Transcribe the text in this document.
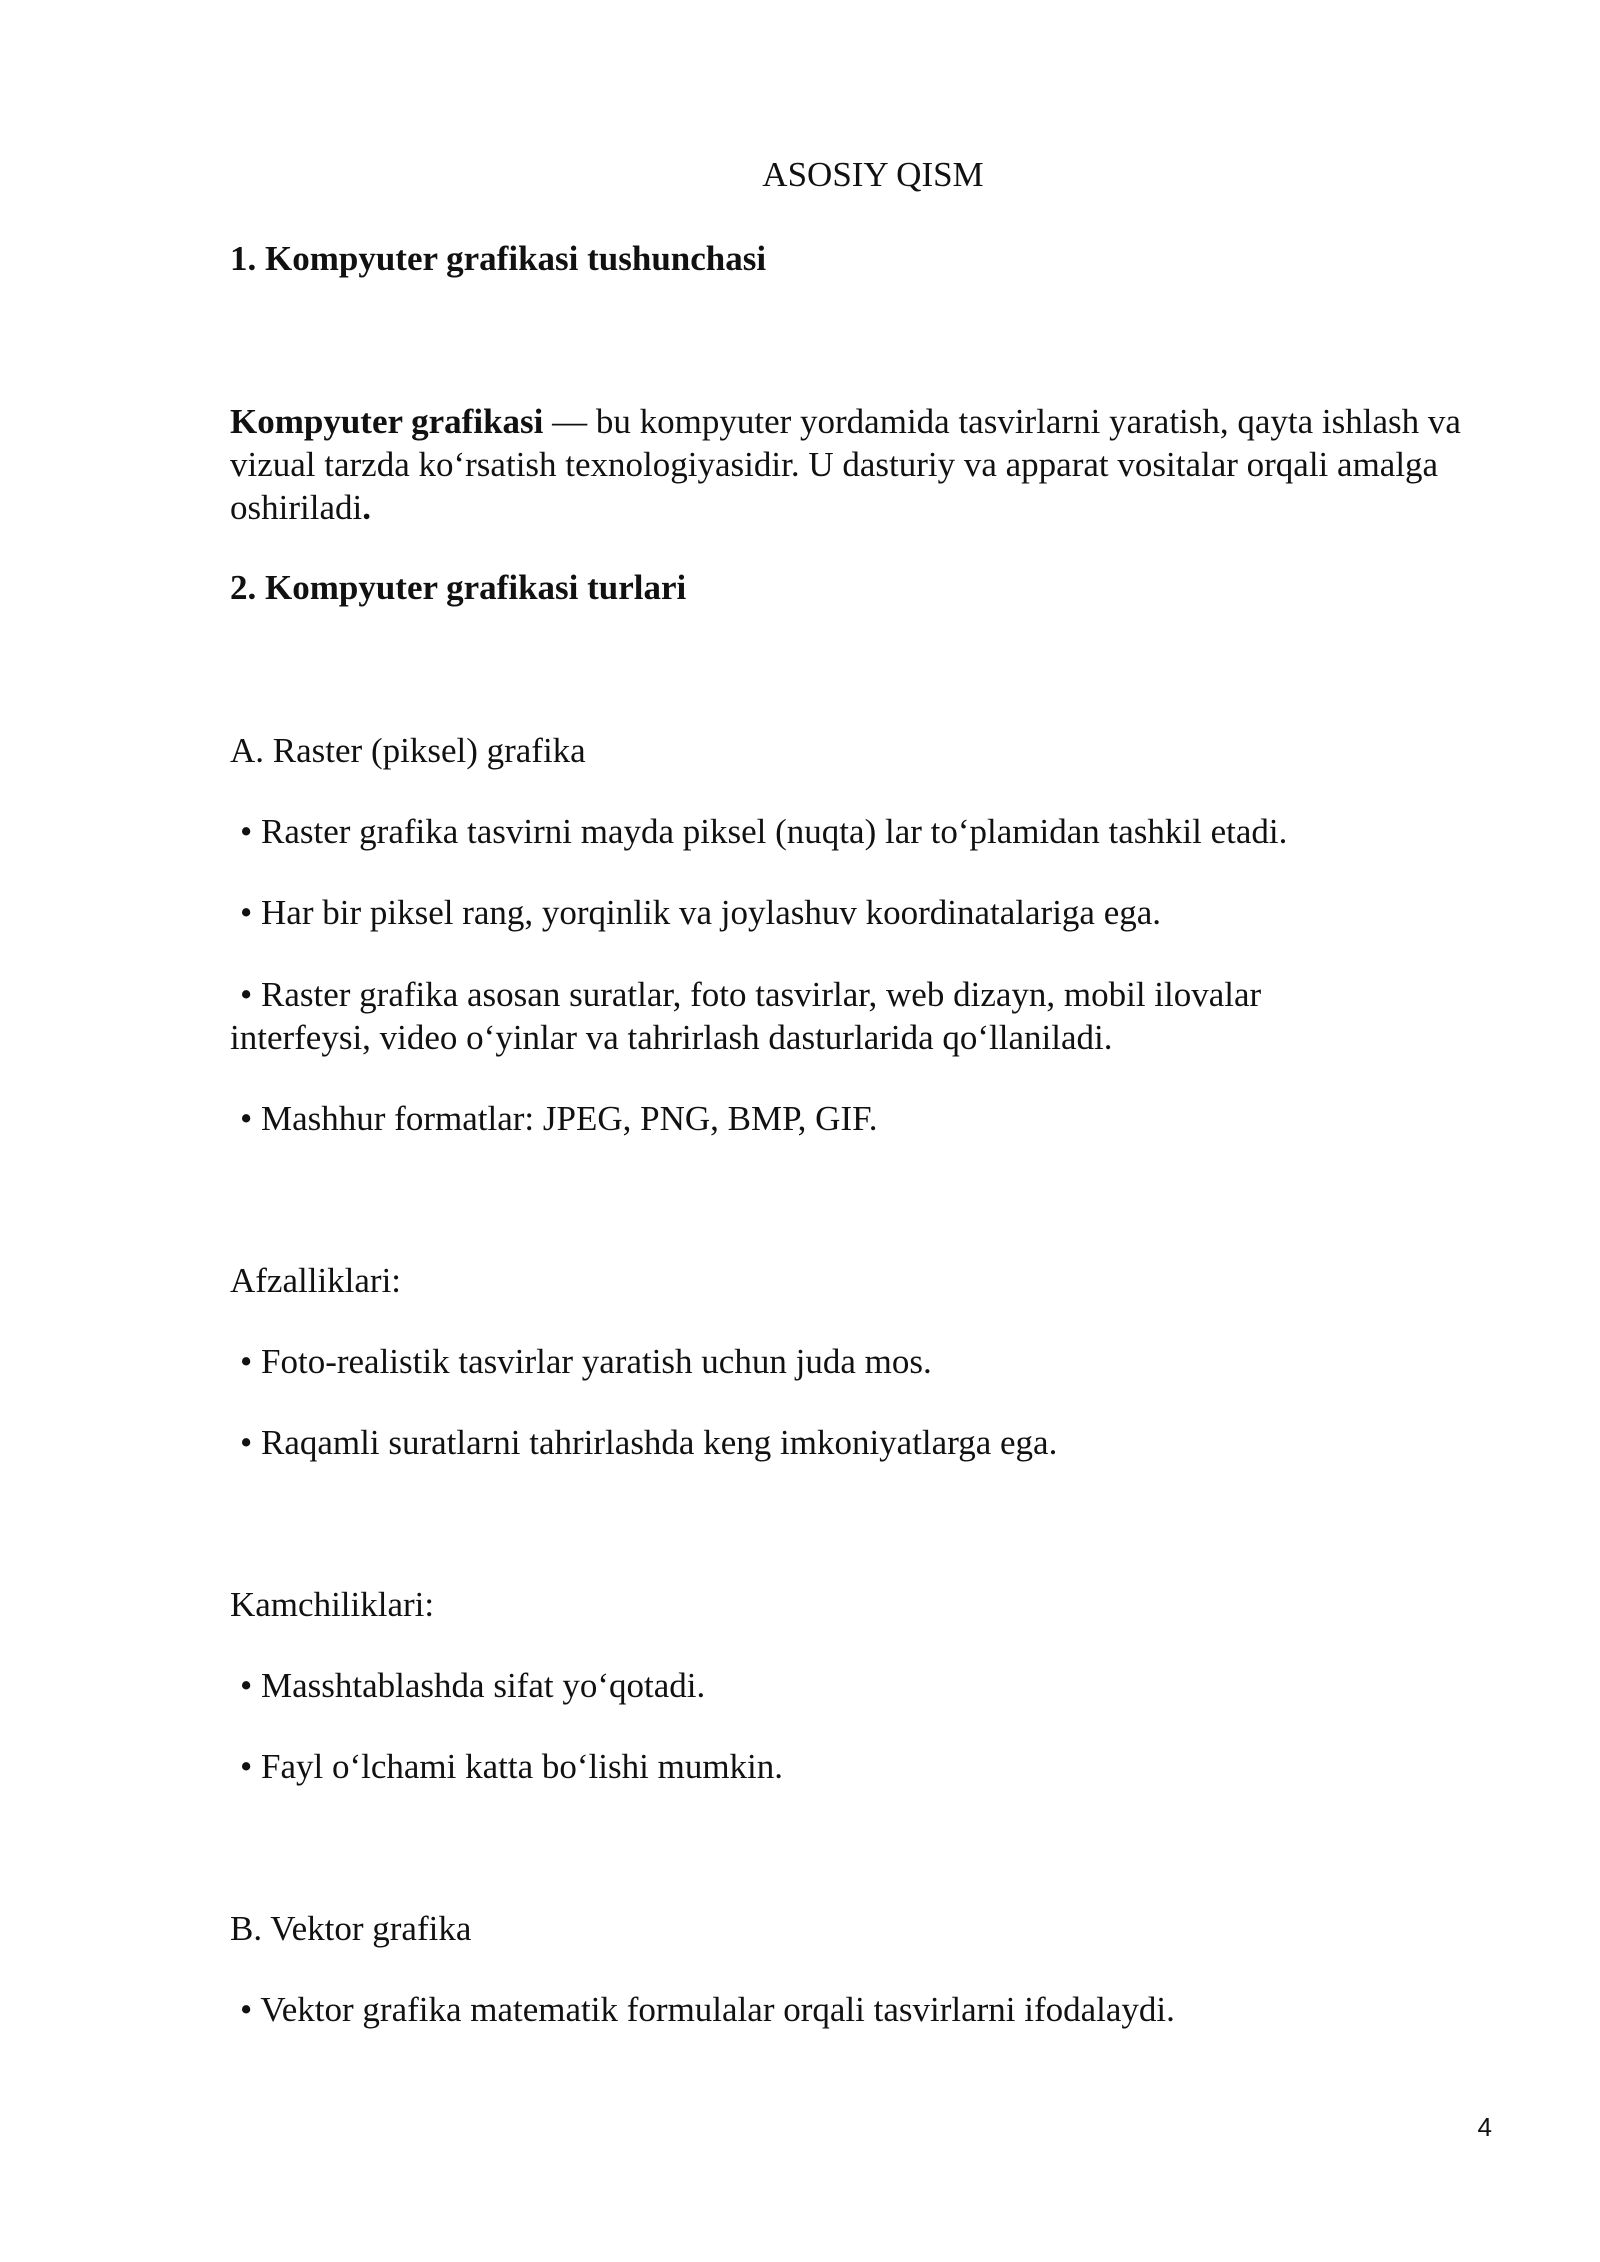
ASOSIY QISM
1. Kompyuter grafikasi tushunchasi
Kompyuter grafikasi — bu kompyuter yordamida tasvirlarni yaratish, qayta ishlash va vizual tarzda ko‘rsatish texnologiyasidir. U dasturiy va apparat vositalar orqali amalga oshiriladi.
2. Kompyuter grafikasi turlari
A. Raster (piksel) grafika
• Raster grafika tasvirni mayda piksel (nuqta) lar to‘plamidan tashkil etadi.
• Har bir piksel rang, yorqinlik va joylashuv koordinatalariga ega.
• Raster grafika asosan suratlar, foto tasvirlar, web dizayn, mobil ilovalar
interfeysi, video o‘yinlar va tahrirlash dasturlarida qo‘llaniladi.
• Mashhur formatlar: JPEG, PNG, BMP, GIF.
Afzalliklari:
• Foto-realistik tasvirlar yaratish uchun juda mos.
• Raqamli suratlarni tahrirlashda keng imkoniyatlarga ega.
Kamchiliklari:
• Masshtablashda sifat yo‘qotadi.
• Fayl o‘lchami katta bo‘lishi mumkin.
B. Vektor grafika
• Vektor grafika matematik formulalar orqali tasvirlarni ifodalaydi.
4
